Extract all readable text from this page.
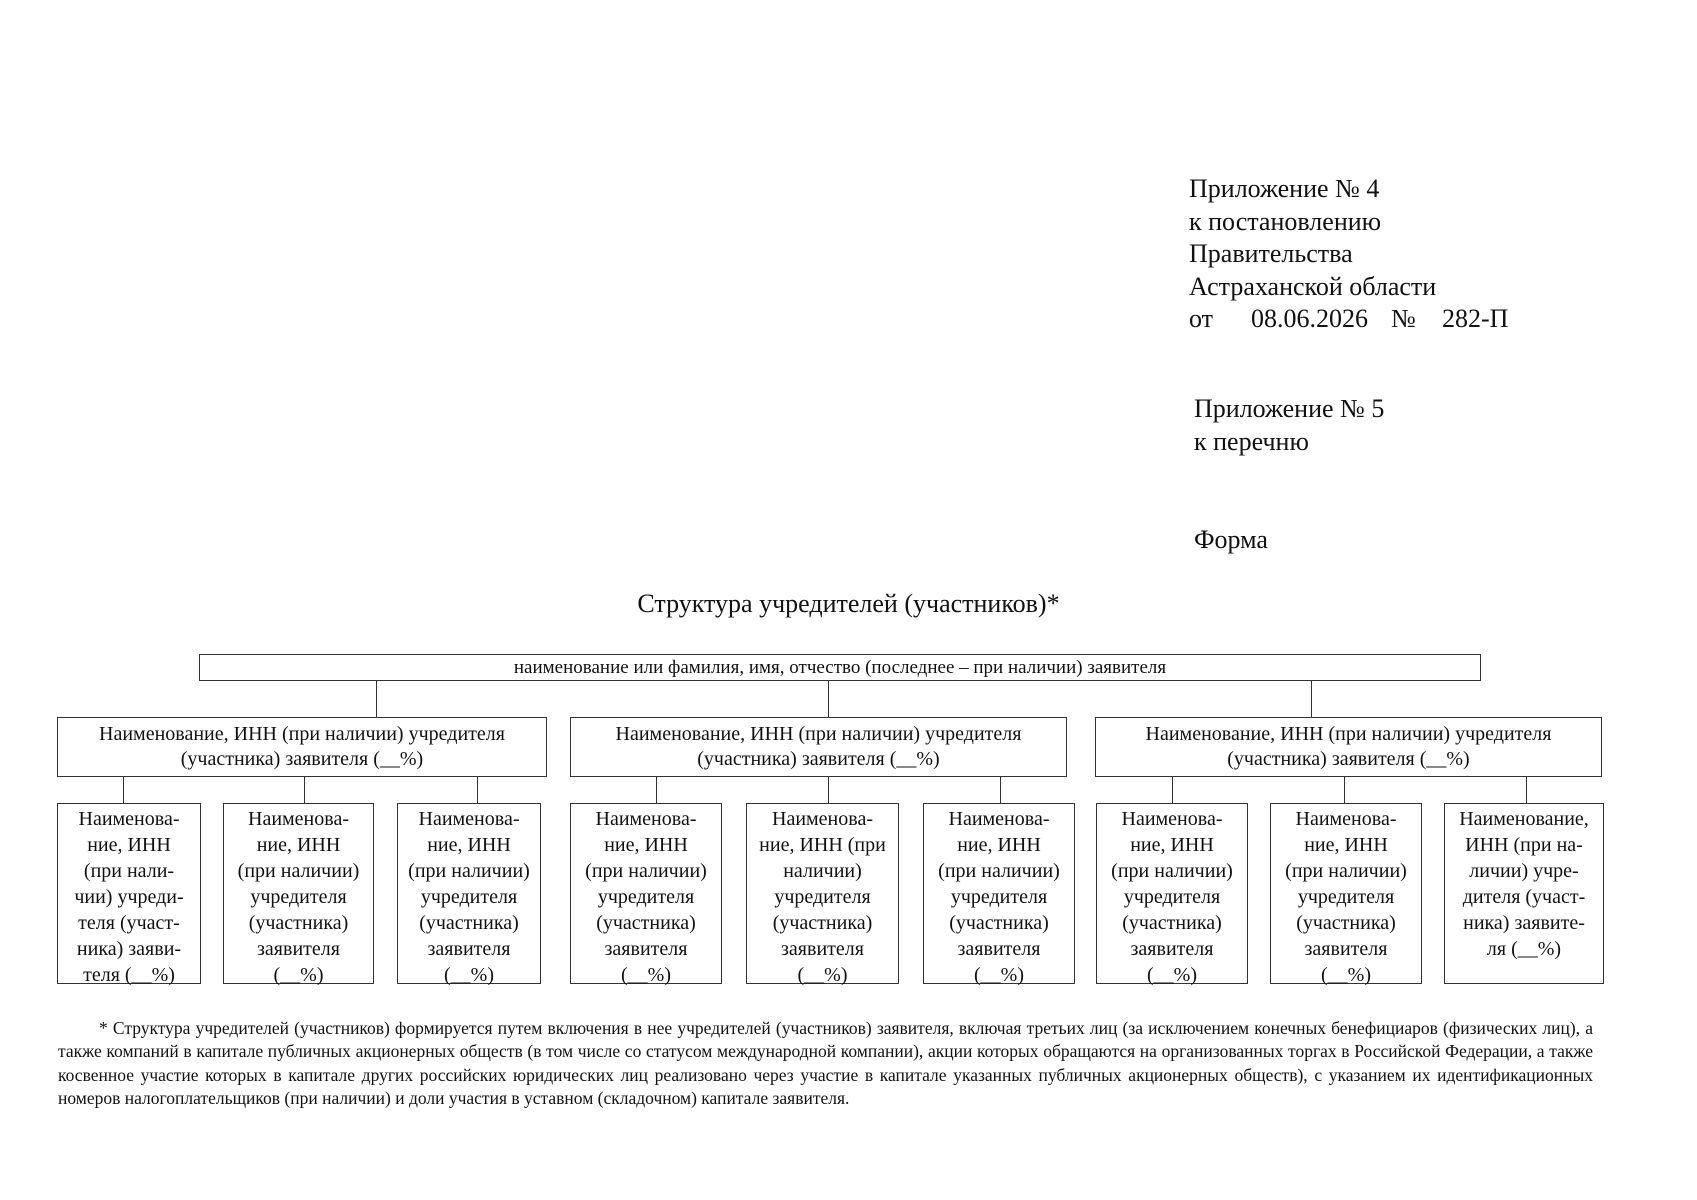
Приложение № 4
к постановлению
Правительства
Астраханской области
от 08.06.2026 № 282-П
Приложение № 5
к перечню
Форма
Структура учредителей (участников)*
наименование или фамилия, имя, отчество (последнее – при наличии) заявителя
Наименование, ИНН (при наличии) учредителя
(участника) заявителя (__%)
Наименование, ИНН (при наличии) учредителя
(участника) заявителя (__%)
Наименование, ИНН (при наличии) учредителя
(участника) заявителя (__%)
Наименова-
ние, ИНН
(при нали-
чии) учреди-
теля (участ-
ника) заяви-
теля (__%)
Наименова-
ние, ИНН
(при наличии)
учредителя
(участника)
заявителя
(__%)
Наименова-
ние, ИНН
(при наличии)
учредителя
(участника)
заявителя
(__%)
Наименова-
ние, ИНН
(при наличии)
учредителя
(участника)
заявителя
(__%)
Наименова-
ние, ИНН (при
наличии)
учредителя
(участника)
заявителя
(__%)
Наименова-
ние, ИНН
(при наличии)
учредителя
(участника)
заявителя
(__%)
Наименова-
ние, ИНН
(при наличии)
учредителя
(участника)
заявителя
(__%)
Наименова-
ние, ИНН
(при наличии)
учредителя
(участника)
заявителя
(__%)
Наименование,
ИНН (при на-
личии) учре-
дителя (участ-
ника) заявите-
ля (__%)
* Структура учредителей (участников) формируется путем включения в нее учредителей (участников) заявителя, включая третьих лиц (за исключением конечных бенефициаров (физических лиц), а также компаний в капитале публичных акционерных обществ (в том числе со статусом международной компании), акции которых обращаются на организованных торгах в Российской Федерации, а также косвенное участие которых в капитале других российских юридических лиц реализовано через участие в капитале указанных публичных акционерных обществ), с указанием их идентификационных номеров налогоплательщиков (при наличии) и доли участия в уставном (складочном) капитале заявителя.
